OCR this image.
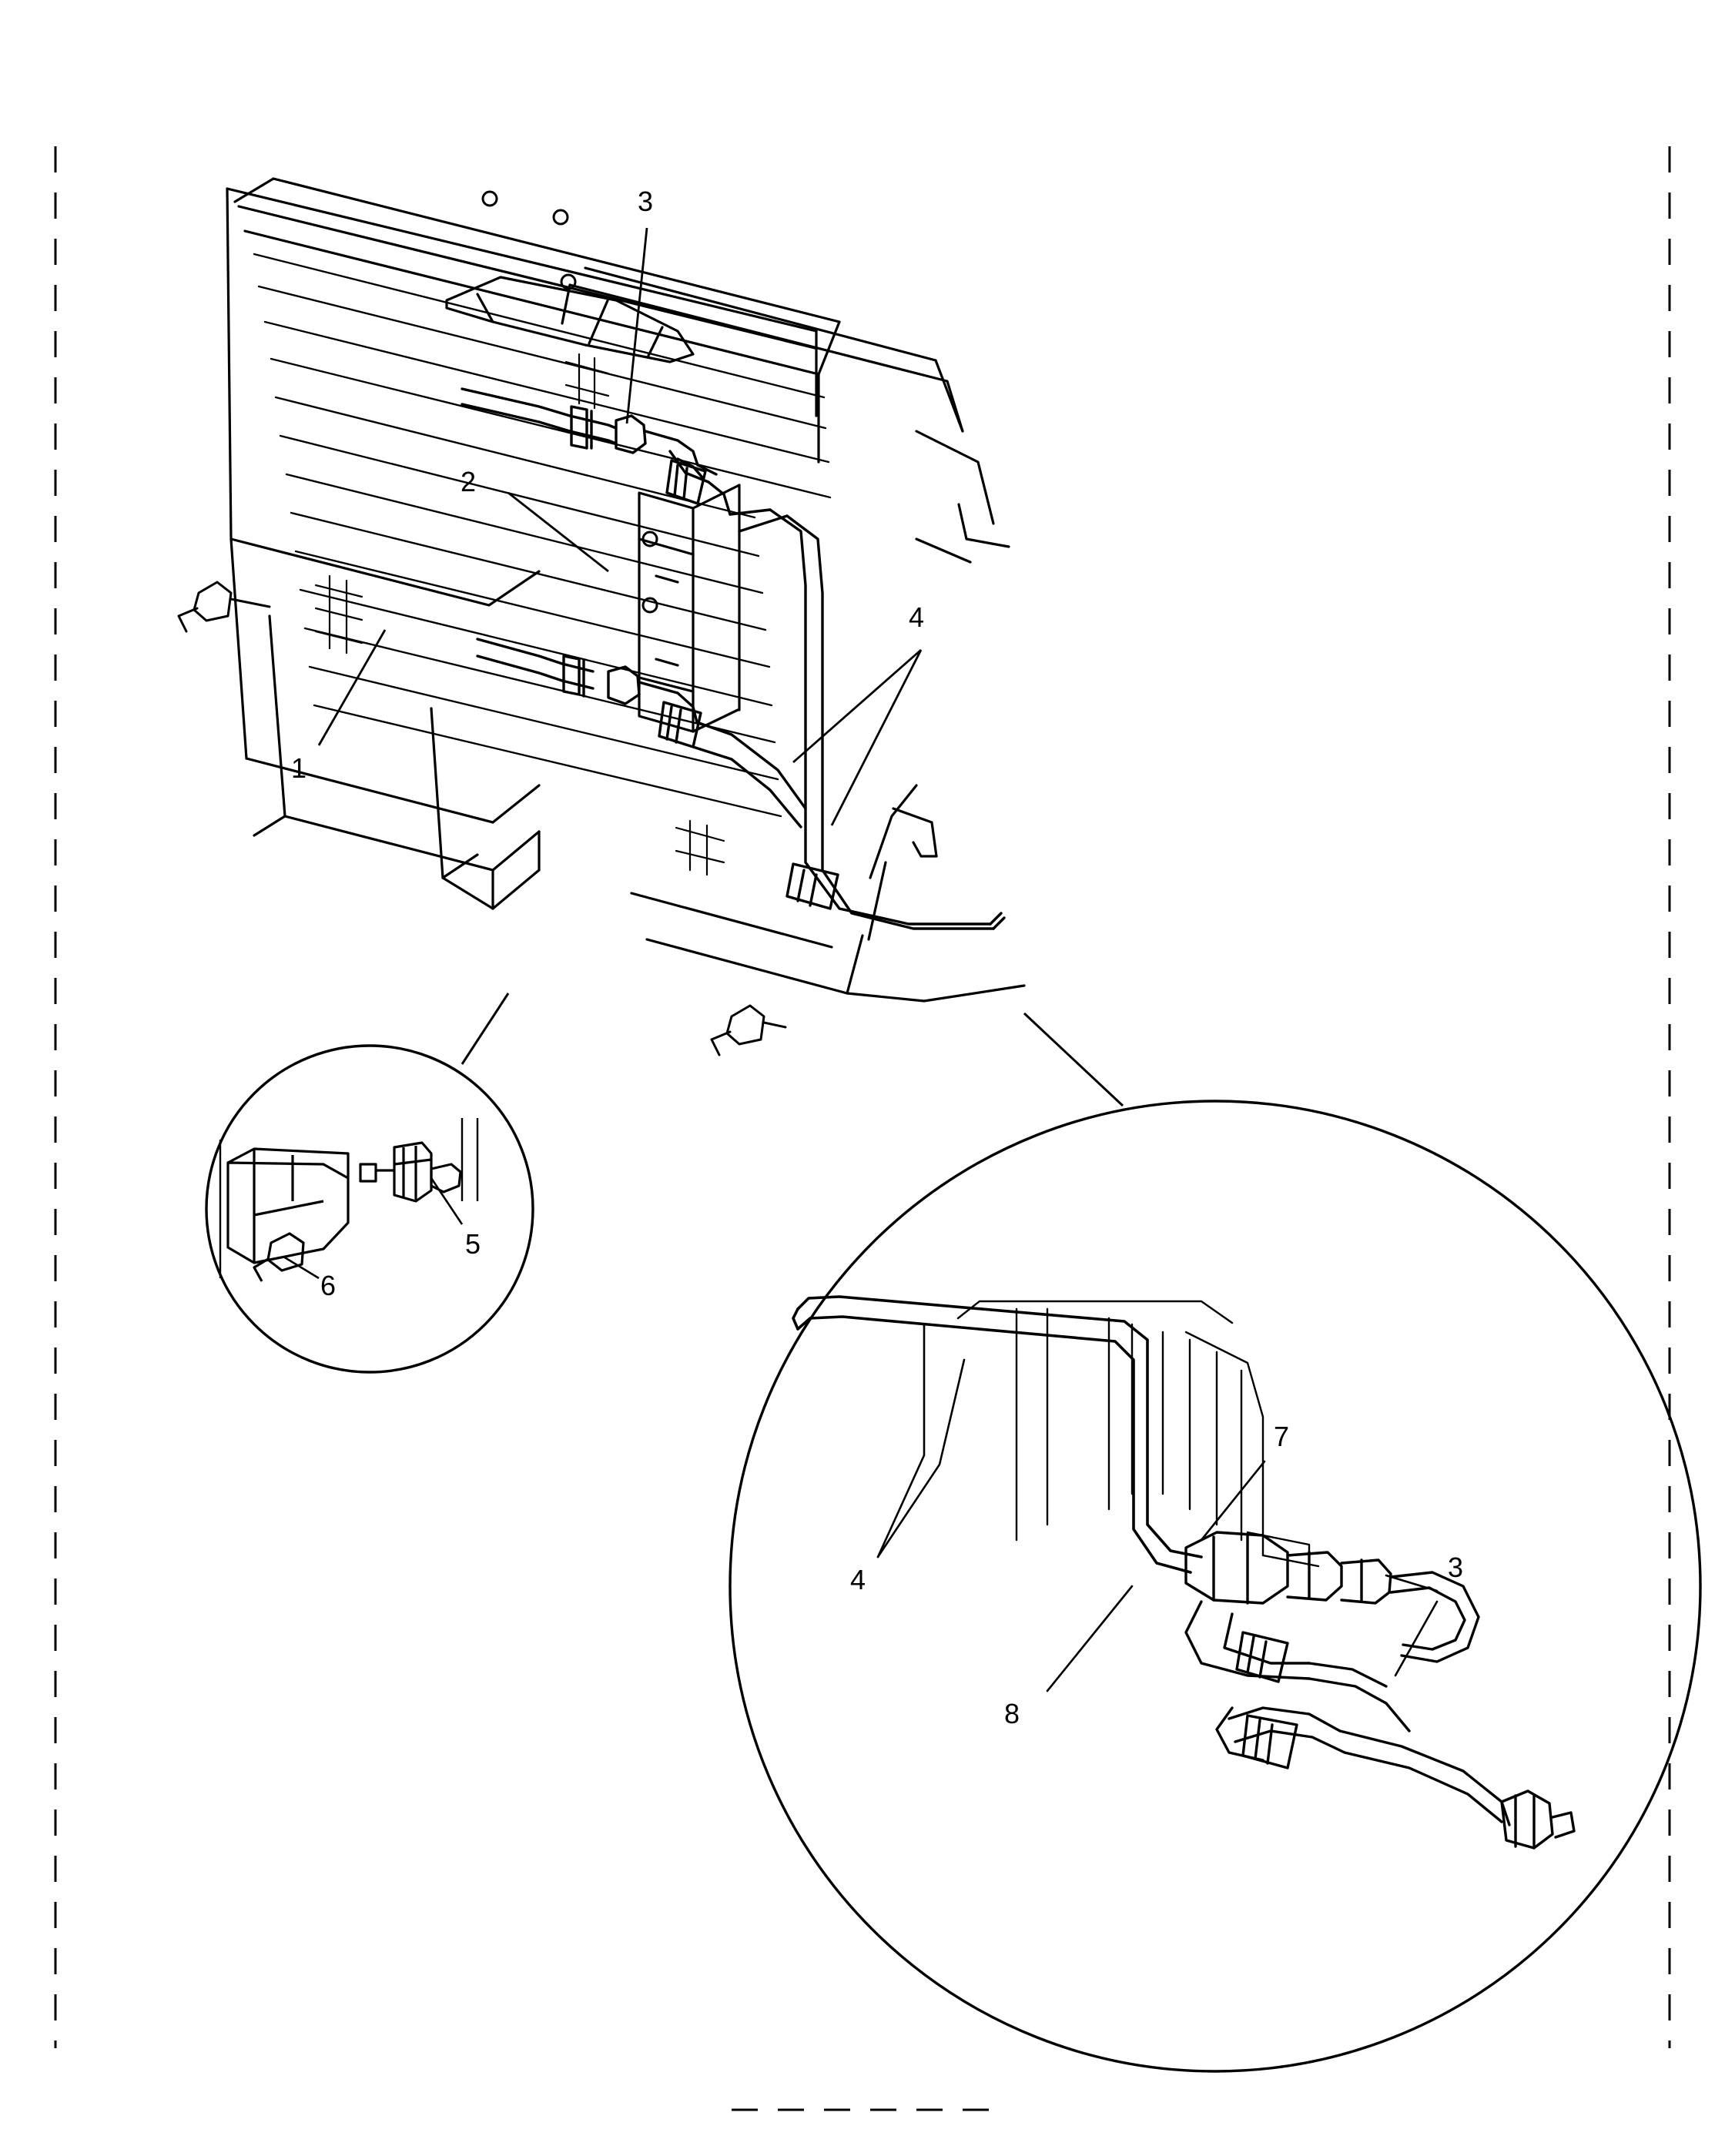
1
2
3
4
5
6
7
8
4	3
